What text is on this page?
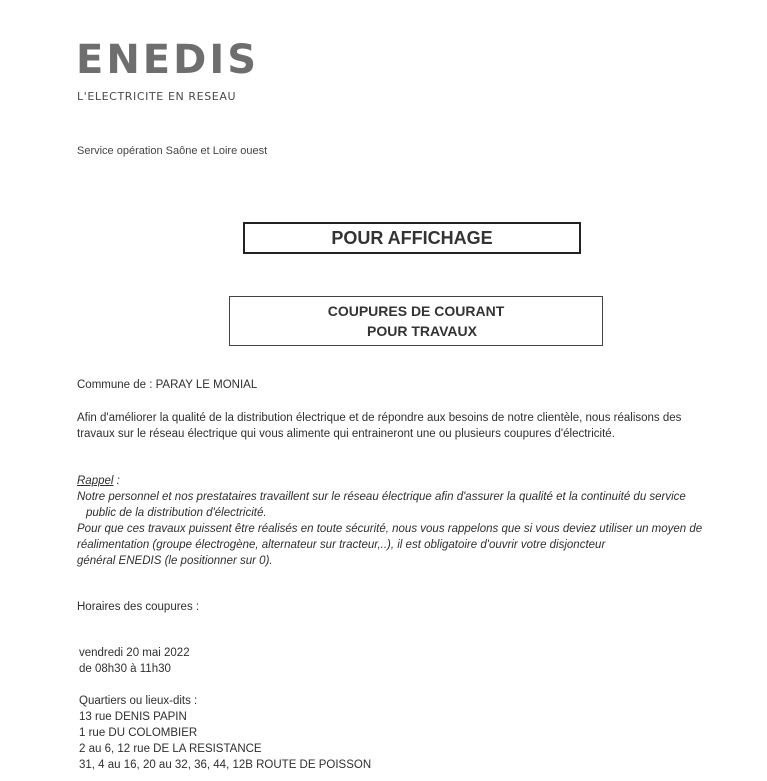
ENEDIS
L'ELECTRICITE EN RESEAU
Service opération Saône et Loire ouest
POUR AFFICHAGE
COUPURES DE COURANT
POUR TRAVAUX
Commune de : PARAY LE MONIAL
Afin d'améliorer la qualité de la distribution électrique et de répondre aux besoins de notre clientèle, nous réalisons des
travaux sur le réseau électrique qui vous alimente qui entraineront une ou plusieurs coupures d'électricité.
Rappel :
Notre personnel et nos prestataires travaillent sur le réseau électrique afin d'assurer la qualité et la continuité du service
public de la distribution d'électricité.
Pour que ces travaux puissent être réalisés en toute sécurité, nous vous rappelons que si vous deviez utiliser un moyen de
réalimentation (groupe électrogène, alternateur sur tracteur,..), il est obligatoire d'ouvrir votre disjoncteur
général ENEDIS (le positionner sur 0).
Horaires des coupures :
vendredi 20 mai 2022
de 08h30 à 11h30
Quartiers ou lieux-dits :
13 rue DENIS PAPIN
1 rue DU COLOMBIER
2 au 6, 12 rue DE LA RESISTANCE
31, 4 au 16, 20 au 32, 36, 44, 12B ROUTE DE POISSON
